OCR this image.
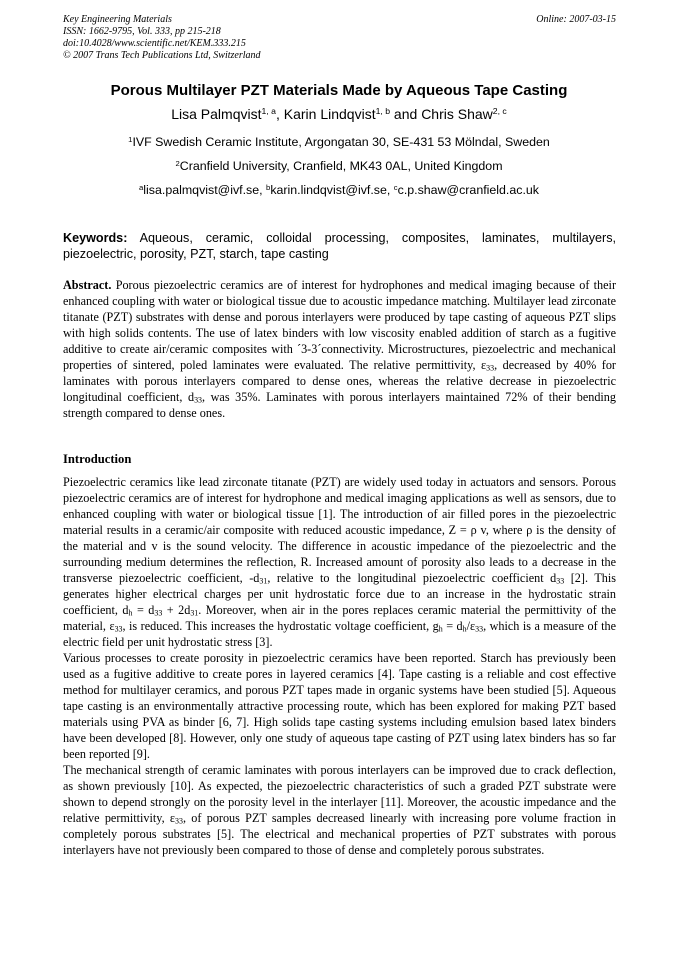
Key Engineering Materials
ISSN: 1662-9795, Vol. 333, pp 215-218
doi:10.4028/www.scientific.net/KEM.333.215
© 2007 Trans Tech Publications Ltd, Switzerland
Online: 2007-03-15
Porous Multilayer PZT Materials Made by Aqueous Tape Casting
Lisa Palmqvist$^{1, a}$, Karin Lindqvist$^{1, b}$ and Chris Shaw$^{2, c}$
$^1$IVF Swedish Ceramic Institute, Argongatan 30, SE-431 53 Mölndal, Sweden
$^2$Cranfield University, Cranfield, MK43 0AL, United Kingdom
$^a$lisa.palmqvist@ivf.se, $^b$karin.lindqvist@ivf.se, $^c$c.p.shaw@cranfield.ac.uk
Keywords: Aqueous, ceramic, colloidal processing, composites, laminates, multilayers, piezoelectric, porosity, PZT, starch, tape casting
Abstract. Porous piezoelectric ceramics are of interest for hydrophones and medical imaging because of their enhanced coupling with water or biological tissue due to acoustic impedance matching. Multilayer lead zirconate titanate (PZT) substrates with dense and porous interlayers were produced by tape casting of aqueous PZT slips with high solids contents. The use of latex binders with low viscosity enabled addition of starch as a fugitive additive to create air/ceramic composites with ´3-3´connectivity. Microstructures, piezoelectric and mechanical properties of sintered, poled laminates were evaluated. The relative permittivity, $\varepsilon_{33}$, decreased by 40% for laminates with porous interlayers compared to dense ones, whereas the relative decrease in piezoelectric longitudinal coefficient, $d_{33}$, was 35%. Laminates with porous interlayers maintained 72% of their bending strength compared to dense ones.
Introduction

Piezoelectric ceramics like lead zirconate titanate (PZT) are widely used today in actuators and sensors. Porous piezoelectric ceramics are of interest for hydrophone and medical imaging applications as well as sensors, due to enhanced coupling with water or biological tissue [1]. The introduction of air filled pores in the piezoelectric material results in a ceramic/air composite with reduced acoustic impedance, Z = ρ v, where ρ is the density of the material and v is the sound velocity. The difference in acoustic impedance of the piezoelectric and the surrounding medium determines the reflection, R. Increased amount of porosity also leads to a decrease in the transverse piezoelectric coefficient, $-d_{31}$, relative to the longitudinal piezoelectric coefficient $d_{33}$ [2]. This generates higher electrical charges per unit hydrostatic force due to an increase in the hydrostatic strain coefficient, $d_h = d_{33} + 2d_{31}$. Moreover, when air in the pores replaces ceramic material the permittivity of the material, $\varepsilon_{33}$, is reduced. This increases the hydrostatic voltage coefficient, $g_h = d_h/\varepsilon_{33}$, which is a measure of the electric field per unit hydrostatic stress [3].

Various processes to create porosity in piezoelectric ceramics have been reported. Starch has previously been used as a fugitive additive to create pores in layered ceramics [4]. Tape casting is a reliable and cost effective method for multilayer ceramics, and porous PZT tapes made in organic systems have been studied [5]. Aqueous tape casting is an environmentally attractive processing route, which has been explored for making PZT based materials using PVA as binder [6, 7]. High solids tape casting systems including emulsion based latex binders have been developed [8]. However, only one study of aqueous tape casting of PZT using latex binders has so far been reported [9].

The mechanical strength of ceramic laminates with porous interlayers can be improved due to crack deflection, as shown previously [10]. As expected, the piezoelectric characteristics of such a graded PZT substrate were shown to depend strongly on the porosity level in the interlayer [11]. Moreover, the acoustic impedance and the relative permittivity, $\varepsilon_{33}$, of porous PZT samples decreased linearly with increasing pore volume fraction in completely porous substrates [5]. The electrical and mechanical properties of PZT substrates with porous interlayers have not previously been compared to those of dense and completely porous substrates.
